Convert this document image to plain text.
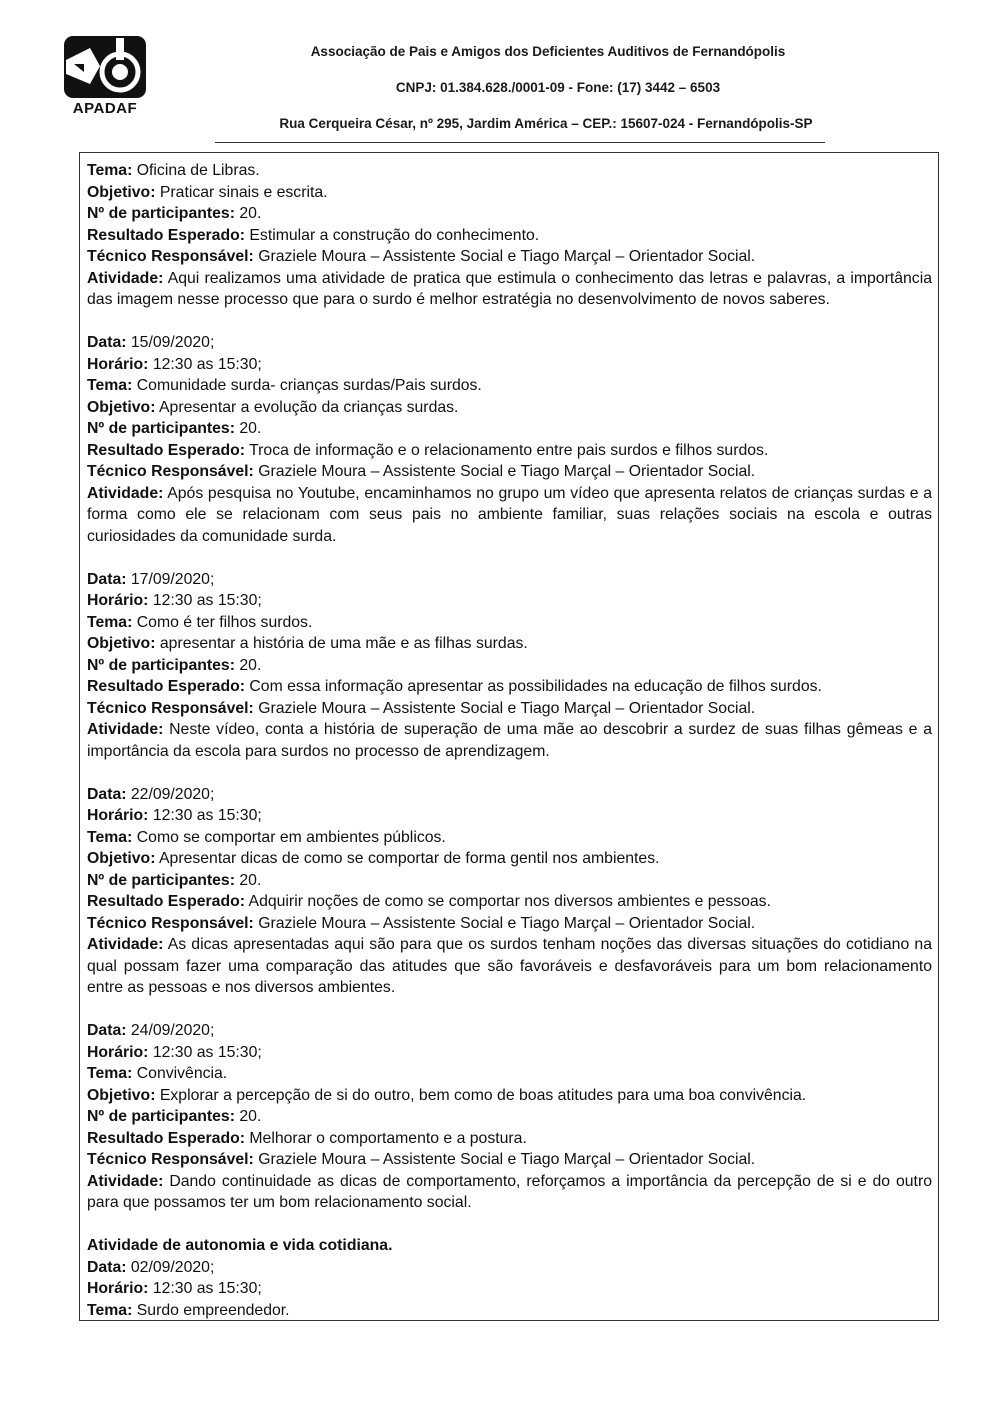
APADAF
Associação de Pais e Amigos dos Deficientes Auditivos de Fernandópolis
CNPJ: 01.384.628./0001-09 - Fone: (17) 3442 – 6503
Rua Cerqueira César, nº 295, Jardim América – CEP.: 15607-024 - Fernandópolis-SP
Tema: Oficina de Libras.
Objetivo: Praticar sinais e escrita.
Nº de participantes: 20.
Resultado Esperado: Estimular a construção do conhecimento.
Técnico Responsável: Graziele Moura – Assistente Social e Tiago Marçal – Orientador Social.
Atividade: Aqui realizamos uma atividade de pratica que estimula o conhecimento das letras e palavras, a importância das imagem nesse processo que para o surdo é melhor estratégia no desenvolvimento de novos saberes.
Data: 15/09/2020;
Horário: 12:30 as 15:30;
Tema: Comunidade surda- crianças surdas/Pais surdos.
Objetivo: Apresentar a evolução da crianças surdas.
Nº de participantes: 20.
Resultado Esperado: Troca de informação e o relacionamento entre pais surdos e filhos surdos.
Técnico Responsável: Graziele Moura – Assistente Social e Tiago Marçal – Orientador Social.
Atividade: Após pesquisa no Youtube, encaminhamos no grupo um vídeo que apresenta relatos de crianças surdas e a forma como ele se relacionam com seus pais no ambiente familiar, suas relações sociais na escola e outras curiosidades da comunidade surda.
Data: 17/09/2020;
Horário: 12:30 as 15:30;
Tema: Como é ter filhos surdos.
Objetivo: apresentar a história de uma mãe e as filhas surdas.
Nº de participantes: 20.
Resultado Esperado: Com essa informação apresentar as possibilidades na educação de filhos surdos.
Técnico Responsável: Graziele Moura – Assistente Social e Tiago Marçal – Orientador Social.
Atividade: Neste vídeo, conta a história de superação de uma mãe ao descobrir a surdez de suas filhas gêmeas e a importância da escola para surdos no processo de aprendizagem.
Data: 22/09/2020;
Horário: 12:30 as 15:30;
Tema: Como se comportar em ambientes públicos.
Objetivo: Apresentar dicas de como se comportar de forma gentil nos ambientes.
Nº de participantes: 20.
Resultado Esperado: Adquirir noções de como se comportar nos diversos ambientes e pessoas.
Técnico Responsável: Graziele Moura – Assistente Social e Tiago Marçal – Orientador Social.
Atividade: As dicas apresentadas aqui são para que os surdos tenham noções das diversas situações do cotidiano na qual possam fazer uma comparação das atitudes que são favoráveis e desfavoráveis para um bom relacionamento entre as pessoas e nos diversos ambientes.
Data: 24/09/2020;
Horário: 12:30 as 15:30;
Tema: Convivência.
Objetivo: Explorar a percepção de si do outro, bem como de boas atitudes para uma boa convivência.
Nº de participantes: 20.
Resultado Esperado: Melhorar o comportamento e a postura.
Técnico Responsável: Graziele Moura – Assistente Social e Tiago Marçal – Orientador Social.
Atividade: Dando continuidade as dicas de comportamento, reforçamos a importância da percepção de si e do outro para que possamos ter um bom relacionamento social.
Atividade de autonomia e vida cotidiana.
Data: 02/09/2020;
Horário: 12:30 as 15:30;
Tema: Surdo empreendedor.
